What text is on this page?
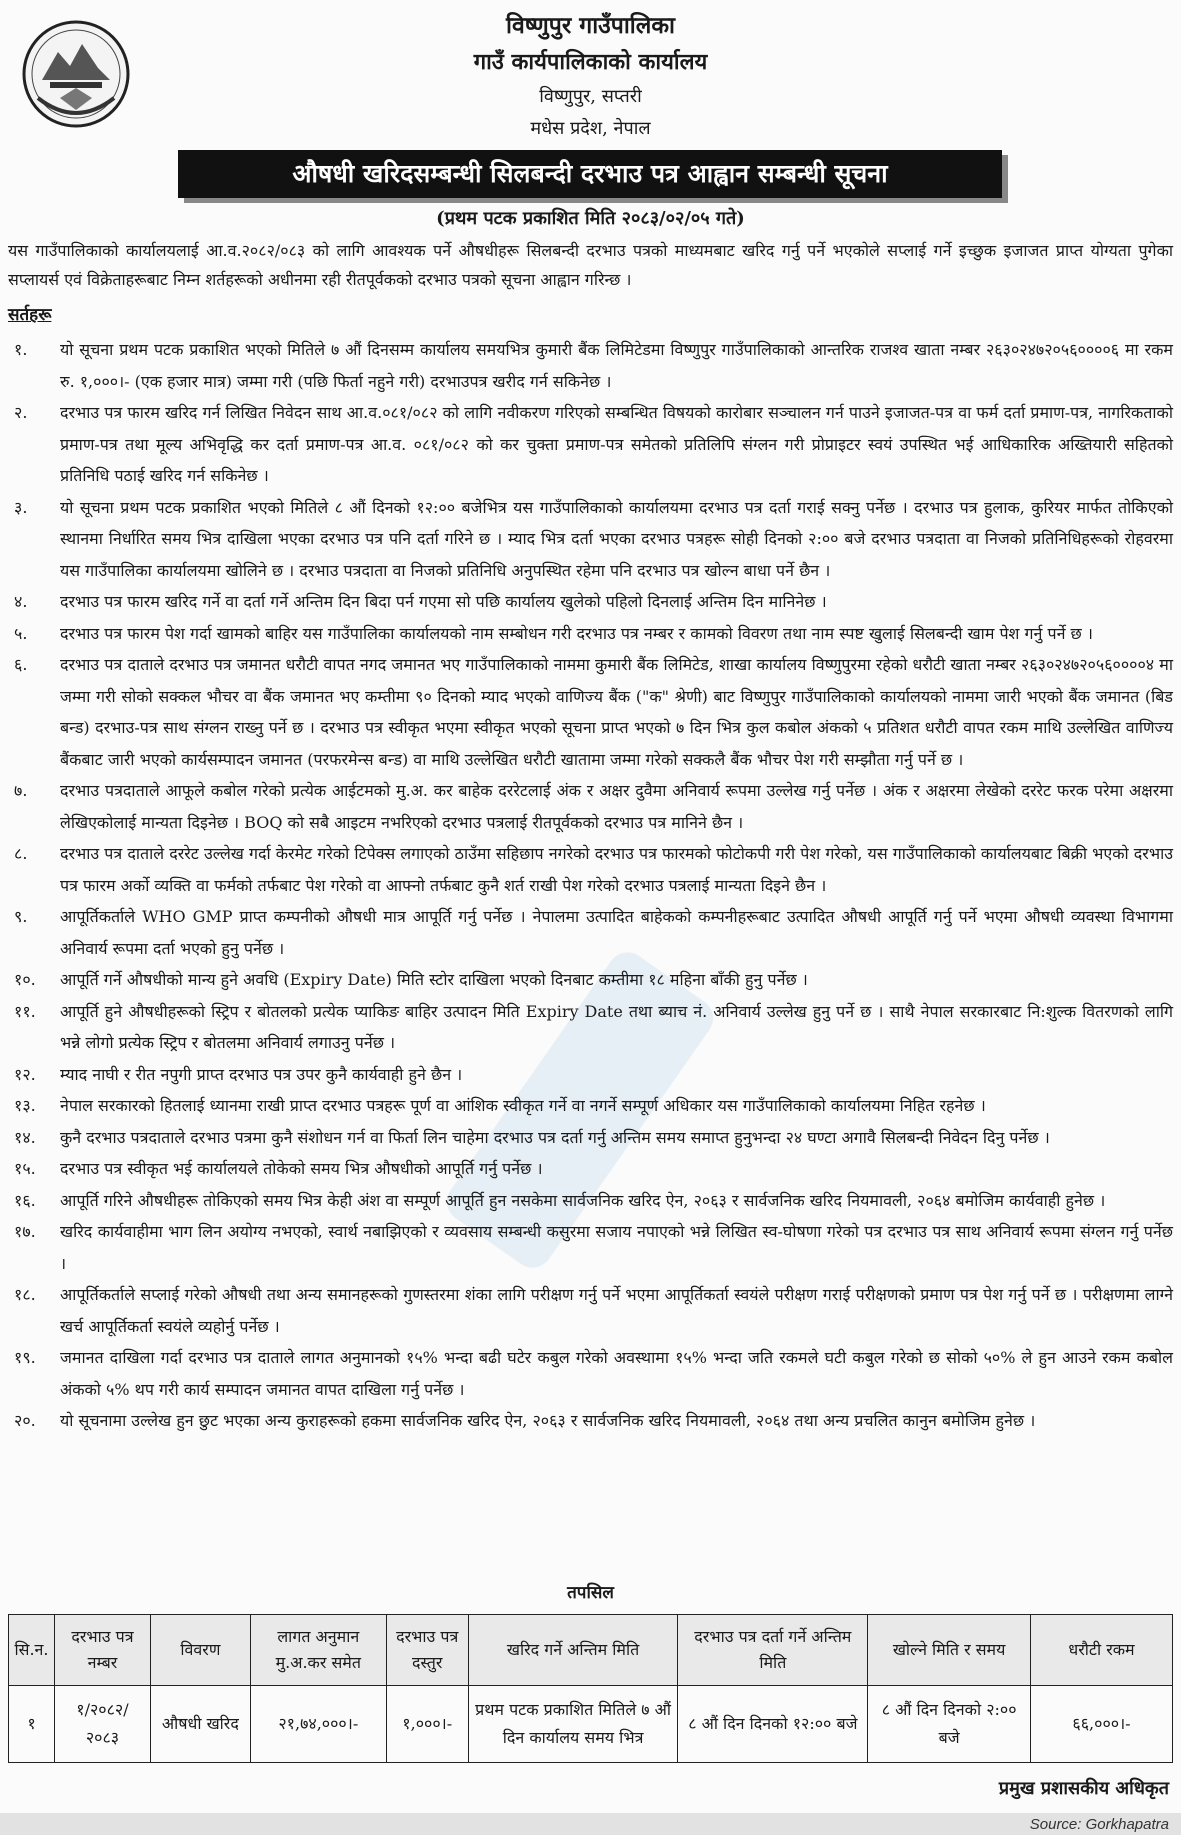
विष्णुपुर गाउँपालिका
गाउँ कार्यपालिकाको कार्यालय
विष्णुपुर, सप्तरी
मधेस प्रदेश, नेपाल
औषधी खरिदसम्बन्धी सिलबन्दी दरभाउ पत्र आह्वान सम्बन्धी सूचना
(प्रथम पटक प्रकाशित मिति २०८३/०२/०५ गते)
यस गाउँपालिकाको कार्यालयलाई आ.व.२०८२/०८३ को लागि आवश्यक पर्ने औषधीहरू सिलबन्दी दरभाउ पत्रको माध्यमबाट खरिद गर्नु पर्ने भएकोले सप्लाई गर्ने इच्छुक इजाजत प्राप्त योग्यता पुगेका सप्लायर्स एवं विक्रेताहरूबाट निम्न शर्तहरूको अधीनमा रही रीतपूर्वकको दरभाउ पत्रको सूचना आह्वान गरिन्छ ।
सर्तहरू
१.	यो सूचना प्रथम पटक प्रकाशित भएको मितिले ७ औं दिनसम्म कार्यालय समयभित्र कुमारी बैंक लिमिटेडमा विष्णुपुर गाउँपालिकाको आन्तरिक राजश्व खाता नम्बर २६३०२४७२०५६००००६ मा रकम रु. १,०००।- (एक हजार मात्र) जम्मा गरी (पछि फिर्ता नहुने गरी) दरभाउपत्र खरीद गर्न सकिनेछ ।
२.	दरभाउ पत्र फारम खरिद गर्न लिखित निवेदन साथ आ.व.०८१/०८२ को लागि नवीकरण गरिएको सम्बन्धित विषयको कारोबार सञ्चालन गर्न पाउने इजाजत-पत्र वा फर्म दर्ता प्रमाण-पत्र, नागरिकताको प्रमाण-पत्र तथा मूल्य अभिवृद्धि कर दर्ता प्रमाण-पत्र आ.व. ०८१/०८२ को कर चुक्ता प्रमाण-पत्र समेतको प्रतिलिपि संग्लन गरी प्रोप्राइटर स्वयं उपस्थित भई आधिकारिक अख्तियारी सहितको प्रतिनिधि पठाई खरिद गर्न सकिनेछ ।
३.	यो सूचना प्रथम पटक प्रकाशित भएको मितिले ८ औं दिनको १२:०० बजेभित्र यस गाउँपालिकाको कार्यालयमा दरभाउ पत्र दर्ता गराई सक्नु पर्नेछ । दरभाउ पत्र हुलाक, कुरियर मार्फत तोकिएको स्थानमा निर्धारित समय भित्र दाखिला भएका दरभाउ पत्र पनि दर्ता गरिने छ । म्याद भित्र दर्ता भएका दरभाउ पत्रहरू सोही दिनको २:०० बजे दरभाउ पत्रदाता वा निजको प्रतिनिधिहरूको रोहवरमा यस गाउँपालिका कार्यालयमा खोलिने छ । दरभाउ पत्रदाता वा निजको प्रतिनिधि अनुपस्थित रहेमा पनि दरभाउ पत्र खोल्न बाधा पर्ने छैन ।
४.	दरभाउ पत्र फारम खरिद गर्ने वा दर्ता गर्ने अन्तिम दिन बिदा पर्न गएमा सो पछि कार्यालय खुलेको पहिलो दिनलाई अन्तिम दिन मानिनेछ ।
५.	दरभाउ पत्र फारम पेश गर्दा खामको बाहिर यस गाउँपालिका कार्यालयको नाम सम्बोधन गरी दरभाउ पत्र नम्बर र कामको विवरण तथा नाम स्पष्ट खुलाई सिलबन्दी खाम पेश गर्नु पर्ने छ ।
६.	दरभाउ पत्र दाताले दरभाउ पत्र जमानत धरौटी वापत नगद जमानत भए गाउँपालिकाको नाममा कुमारी बैंक लिमिटेड, शाखा कार्यालय विष्णुपुरमा रहेको धरौटी खाता नम्बर २६३०२४७२०५६००००४ मा जम्मा गरी सोको सक्कल भौचर वा बैंक जमानत भए कम्तीमा ९० दिनको म्याद भएको वाणिज्य बैंक ("क" श्रेणी) बाट विष्णुपुर गाउँपालिकाको कार्यालयको नाममा जारी भएको बैंक जमानत (बिड बन्ड) दरभाउ-पत्र साथ संग्लन राख्नु पर्ने छ । दरभाउ पत्र स्वीकृत भएमा स्वीकृत भएको सूचना प्राप्त भएको ७ दिन भित्र कुल कबोल अंकको ५ प्रतिशत धरौटी वापत रकम माथि उल्लेखित वाणिज्य बैंकबाट जारी भएको कार्यसम्पादन जमानत (परफरमेन्स बन्ड) वा माथि उल्लेखित धरौटी खातामा जम्मा गरेको सक्कलै बैंक भौचर पेश गरी सम्झौता गर्नु पर्ने छ ।
७.	दरभाउ पत्रदाताले आफूले कबोल गरेको प्रत्येक आईटमको मु.अ. कर बाहेक दररेटलाई अंक र अक्षर दुवैमा अनिवार्य रूपमा उल्लेख गर्नु पर्नेछ । अंक र अक्षरमा लेखेको दररेट फरक परेमा अक्षरमा लेखिएकोलाई मान्यता दिइनेछ । BOQ को सबै आइटम नभरिएको दरभाउ पत्रलाई रीतपूर्वकको दरभाउ पत्र मानिने छैन ।
८.	दरभाउ पत्र दाताले दररेट उल्लेख गर्दा केरमेट गरेको टिपेक्स लगाएको ठाउँमा सहिछाप नगरेको दरभाउ पत्र फारमको फोटोकपी गरी पेश गरेको, यस गाउँपालिकाको कार्यालयबाट बिक्री भएको दरभाउ पत्र फारम अर्को व्यक्ति वा फर्मको तर्फबाट पेश गरेको वा आफ्नो तर्फबाट कुनै शर्त राखी पेश गरेको दरभाउ पत्रलाई मान्यता दिइने छैन ।
९.	आपूर्तिकर्ताले WHO GMP प्राप्त कम्पनीको औषधी मात्र आपूर्ति गर्नु पर्नेछ । नेपालमा उत्पादित बाहेकको कम्पनीहरूबाट उत्पादित औषधी आपूर्ति गर्नु पर्ने भएमा औषधी व्यवस्था विभागमा अनिवार्य रूपमा दर्ता भएको हुनु पर्नेछ ।
१०.	आपूर्ति गर्ने औषधीको मान्य हुने अवधि (Expiry Date) मिति स्टोर दाखिला भएको दिनबाट कम्तीमा १८ महिना बाँकी हुनु पर्नेछ ।
११.	आपूर्ति हुने औषधीहरूको स्ट्रिप र बोतलको प्रत्येक प्याकिङ बाहिर उत्पादन मिति Expiry Date तथा ब्याच नं. अनिवार्य उल्लेख हुनु पर्ने छ । साथै नेपाल सरकारबाट नि:शुल्क वितरणको लागि भन्ने लोगो प्रत्येक स्ट्रिप र बोतलमा अनिवार्य लगाउनु पर्नेछ ।
१२.	म्याद नाघी र रीत नपुगी प्राप्त दरभाउ पत्र उपर कुनै कार्यवाही हुने छैन ।
१३.	नेपाल सरकारको हितलाई ध्यानमा राखी प्राप्त दरभाउ पत्रहरू पूर्ण वा आंशिक स्वीकृत गर्ने वा नगर्ने सम्पूर्ण अधिकार यस गाउँपालिकाको कार्यालयमा निहित रहनेछ ।
१४.	कुनै दरभाउ पत्रदाताले दरभाउ पत्रमा कुनै संशोधन गर्न वा फिर्ता लिन चाहेमा दरभाउ पत्र दर्ता गर्नु अन्तिम समय समाप्त हुनुभन्दा २४ घण्टा अगावै सिलबन्दी निवेदन दिनु पर्नेछ ।
१५.	दरभाउ पत्र स्वीकृत भई कार्यालयले तोकेको समय भित्र औषधीको आपूर्ति गर्नु पर्नेछ ।
१६.	आपूर्ति गरिने औषधीहरू तोकिएको समय भित्र केही अंश वा सम्पूर्ण आपूर्ति हुन नसकेमा सार्वजनिक खरिद ऐन, २०६३ र सार्वजनिक खरिद नियमावली, २०६४ बमोजिम कार्यवाही हुनेछ ।
१७.	खरिद कार्यवाहीमा भाग लिन अयोग्य नभएको, स्वार्थ नबाझिएको र व्यवसाय सम्बन्धी कसुरमा सजाय नपाएको भन्ने लिखित स्व-घोषणा गरेको पत्र दरभाउ पत्र साथ अनिवार्य रूपमा संग्लन गर्नु पर्नेछ ।
१८.	आपूर्तिकर्ताले सप्लाई गरेको औषधी तथा अन्य समानहरूको गुणस्तरमा शंका लागि परीक्षण गर्नु पर्ने भएमा आपूर्तिकर्ता स्वयंले परीक्षण गराई परीक्षणको प्रमाण पत्र पेश गर्नु पर्ने छ । परीक्षणमा लाग्ने खर्च आपूर्तिकर्ता स्वयंले व्यहोर्नु पर्नेछ ।
१९.	जमानत दाखिला गर्दा दरभाउ पत्र दाताले लागत अनुमानको १५% भन्दा बढी घटेर कबुल गरेको अवस्थामा १५% भन्दा जति रकमले घटी कबुल गरेको छ सोको ५०% ले हुन आउने रकम कबोल अंकको ५% थप गरी कार्य सम्पादन जमानत वापत दाखिला गर्नु पर्नेछ ।
२०.	यो सूचनामा उल्लेख हुन छुट भएका अन्य कुराहरूको हकमा सार्वजनिक खरिद ऐन, २०६३ र सार्वजनिक खरिद नियमावली, २०६४ तथा अन्य प्रचलित कानुन बमोजिम हुनेछ ।
तपसिल
सि.न.	दरभाउ पत्र नम्बर	विवरण	लागत अनुमान मु.अ.कर समेत	दरभाउ पत्र दस्तुर	खरिद गर्ने अन्तिम मिति	दरभाउ पत्र दर्ता गर्ने अन्तिम मिति	खोल्ने मिति र समय	धरौटी रकम
१	१/२०८२/ २०८३	औषधी खरिद	२१,७४,०००।-	१,०००।-	प्रथम पटक प्रकाशित मितिले ७ औं दिन कार्यालय समय भित्र	८ औं दिन दिनको १२:०० बजे	८ औं दिन दिनको २:०० बजे	६६,०००।-
प्रमुख प्रशासकीय अधिकृत
Source: Gorkhapatra
